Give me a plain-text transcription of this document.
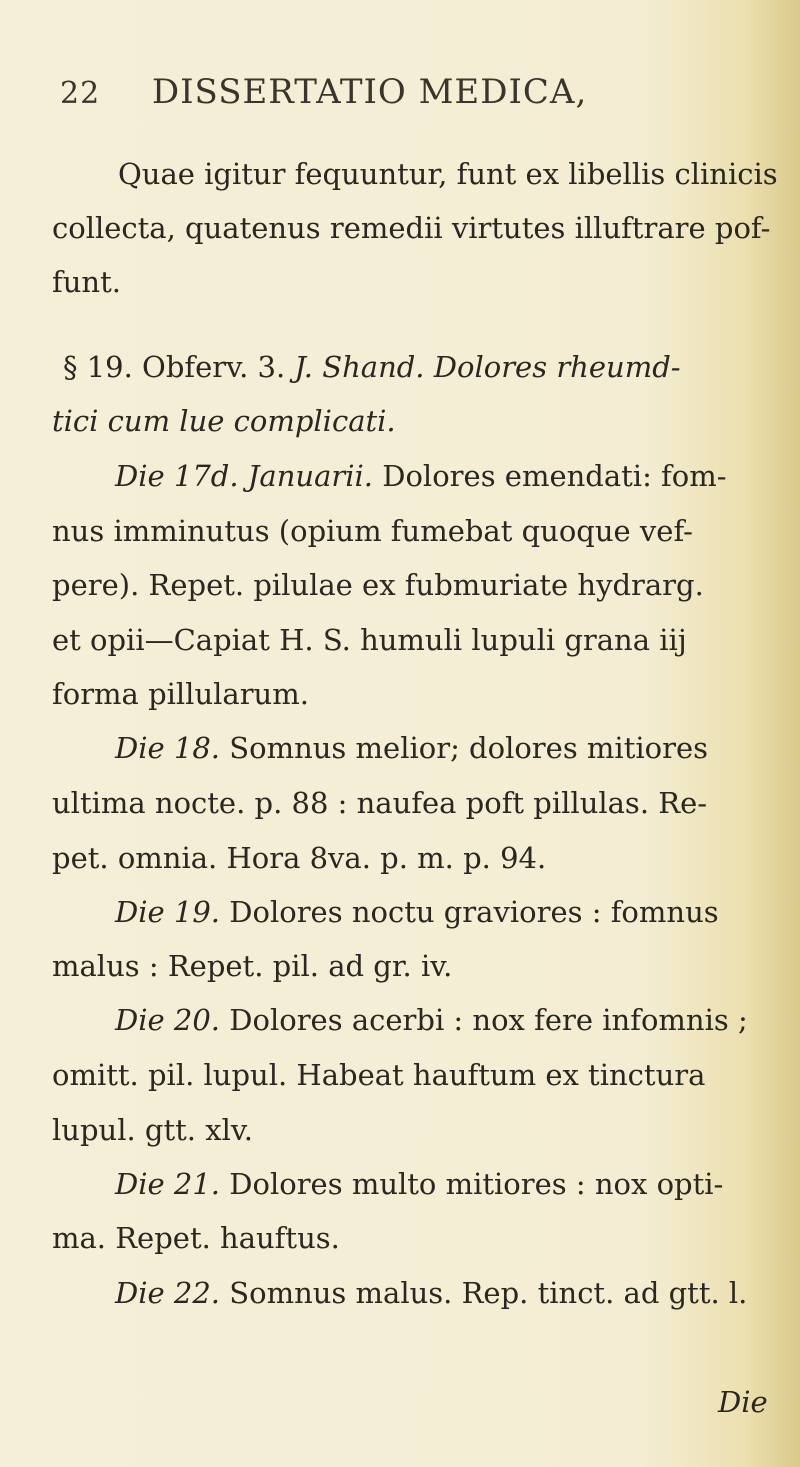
22 DISSERTATIO MEDICA,
Quae igitur fequuntur, funt ex libellis clinicis
collecta, quatenus remedii virtutes illuftrare pof-
funt.
§ 19. Obferv. 3. J. Shand. Dolores rheumd-
tici cum lue complicati.
Die 17d. Januarii. Dolores emendati: fom-
nus imminutus (opium fumebat quoque vef-
pere). Repet. pilulae ex fubmuriate hydrarg.
et opii—Capiat H. S. humuli lupuli grana iij
forma pillularum.
Die 18. Somnus melior; dolores mitiores
ultima nocte. p. 88 : naufea poft pillulas. Re-
pet. omnia. Hora 8va. p. m. p. 94.
Die 19. Dolores noctu graviores : fomnus
malus : Repet. pil. ad gr. iv.
Die 20. Dolores acerbi : nox fere infomnis ;
omitt. pil. lupul. Habeat hauftum ex tinctura
lupul. gtt. xlv.
Die 21. Dolores multo mitiores : nox opti-
ma. Repet. hauftus.
Die 22. Somnus malus. Rep. tinct. ad gtt. l.
Die
